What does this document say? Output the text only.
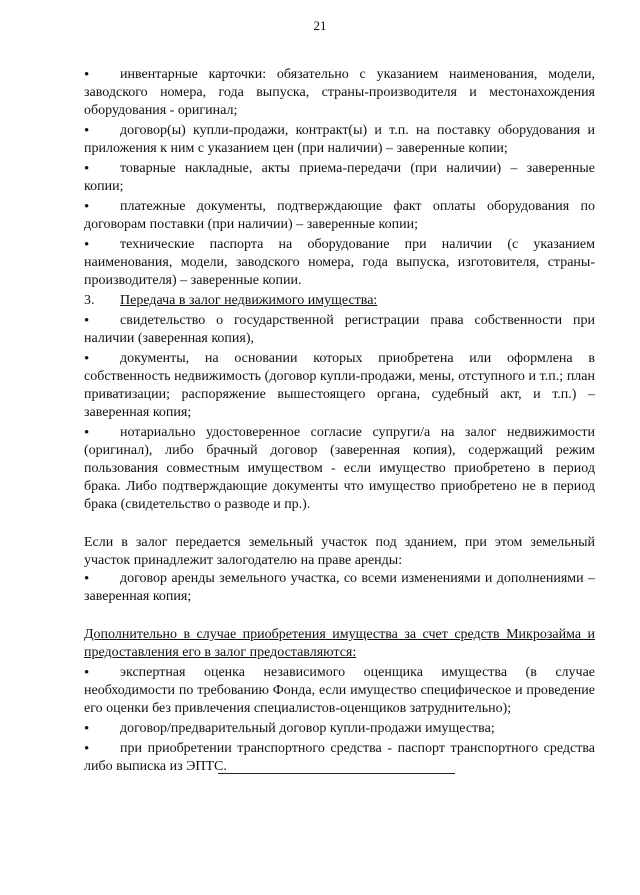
21
• инвентарные карточки: обязательно с указанием наименования, модели, заводского номера, года выпуска, страны-производителя и местонахождения оборудования - оригинал;
• договор(ы) купли-продажи, контракт(ы) и т.п. на поставку оборудования и приложения к ним с указанием цен (при наличии) – заверенные копии;
• товарные накладные, акты приема-передачи (при наличии) – заверенные копии;
• платежные документы, подтверждающие факт оплаты оборудования по договорам поставки (при наличии) – заверенные копии;
• технические паспорта на оборудование при наличии (с указанием наименования, модели, заводского номера, года выпуска, изготовителя, страны-производителя) – заверенные копии.
3.	Передача в залог недвижимого имущества:
• свидетельство о государственной регистрации права собственности при наличии (заверенная копия),
• документы, на основании которых приобретена или оформлена в собственность недвижимость (договор купли-продажи, мены, отступного и т.п.; план приватизации; распоряжение вышестоящего органа, судебный акт, и т.п.) – заверенная копия;
• нотариально удостоверенное согласие супруги/а на залог недвижимости (оригинал), либо брачный договор (заверенная копия), содержащий режим пользования совместным имуществом - если имущество приобретено в период брака. Либо подтверждающие документы что имущество приобретено не в период брака (свидетельство о разводе и пр.).

Если в залог передается земельный участок под зданием, при этом земельный участок принадлежит залогодателю на праве аренды:

• договор аренды земельного участка, со всеми изменениями и дополнениями – заверенная копия;

Дополнительно в случае приобретения имущества за счет средств Микрозайма и предоставления его в залог предоставляются:

• экспертная оценка независимого оценщика имущества (в случае необходимости по требованию Фонда, если имущество специфическое и проведение его оценки без привлечения специалистов-оценщиков затруднительно);
• договор/предварительный договор купли-продажи имущества;
• при приобретении транспортного средства - паспорт транспортного средства либо выписка из ЭПТС.
